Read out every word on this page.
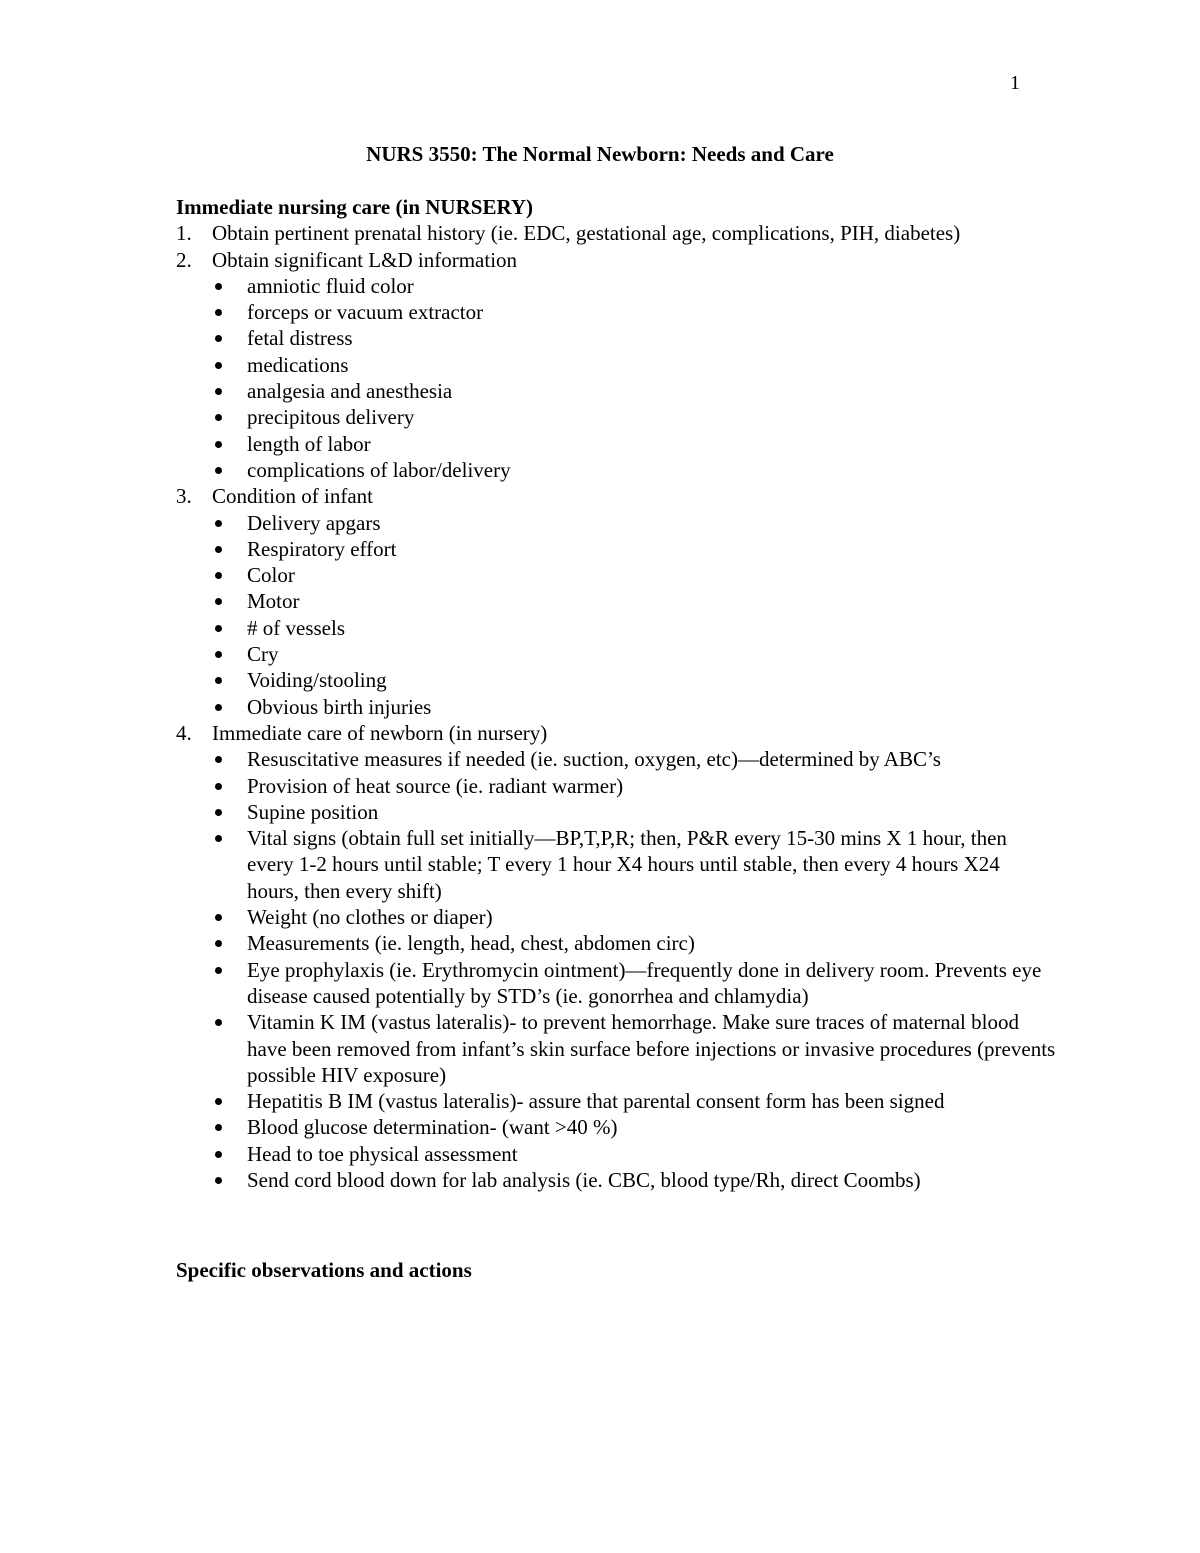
1
NURS 3550: The Normal Newborn: Needs and Care

Immediate nursing care (in NURSERY)

1. Obtain pertinent prenatal history (ie. EDC, gestational age, complications, PIH, diabetes)
2. Obtain significant L&D information
amniotic fluid color
forceps or vacuum extractor
fetal distress
medications
analgesia and anesthesia
precipitous delivery
length of labor
complications of labor/delivery
3. Condition of infant
Delivery apgars
Respiratory effort
Color
Motor
# of vessels
Cry
Voiding/stooling
Obvious birth injuries
4. Immediate care of newborn (in nursery)
Resuscitative measures if needed (ie. suction, oxygen, etc)—determined by ABC’s
Provision of heat source (ie. radiant warmer)
Supine position
Vital signs (obtain full set initially—BP,T,P,R; then, P&R every 15-30 mins X 1 hour, then every 1-2 hours until stable; T every 1 hour X4 hours until stable, then every 4 hours X24 hours, then every shift)
Weight (no clothes or diaper)
Measurements (ie. length, head, chest, abdomen circ)
Eye prophylaxis (ie. Erythromycin ointment)—frequently done in delivery room. Prevents eye disease caused potentially by STD’s (ie. gonorrhea and chlamydia)
Vitamin K IM (vastus lateralis)- to prevent hemorrhage. Make sure traces of maternal blood have been removed from infant’s skin surface before injections or invasive procedures (prevents possible HIV exposure)
Hepatitis B IM (vastus lateralis)- assure that parental consent form has been signed
Blood glucose determination- (want >40 %)
Head to toe physical assessment
Send cord blood down for lab analysis (ie. CBC, blood type/Rh, direct Coombs)

Specific observations and actions
